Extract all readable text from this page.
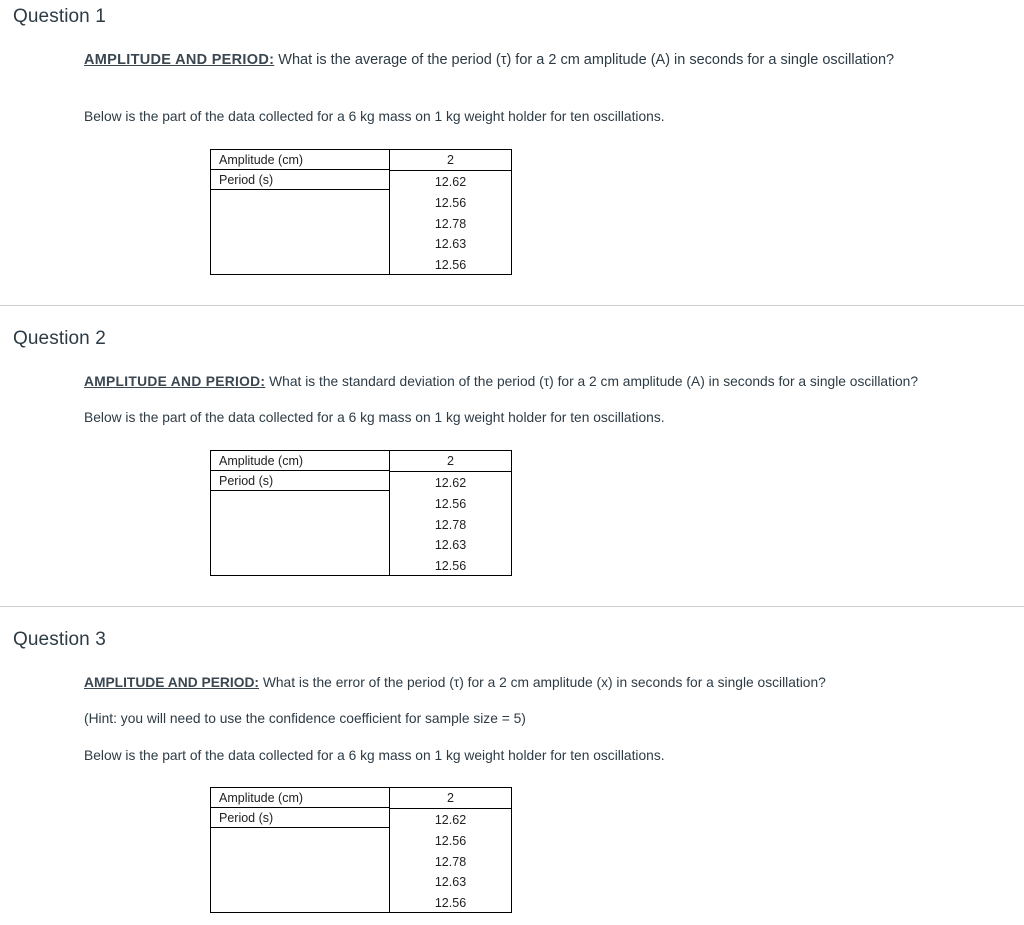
Question 1

AMPLITUDE AND PERIOD: What is the average of the period (τ) for a 2 cm amplitude (A) in seconds for a single oscillation?

Below is the part of the data collected for a 6 kg mass on 1 kg weight holder for ten oscillations.

Amplitude (cm)
Period (s)
2
12.62
12.56
12.78
12.63
12.56
Question 2

AMPLITUDE AND PERIOD: What is the standard deviation of the period (τ) for a 2 cm amplitude (A) in seconds for a single oscillation?

Below is the part of the data collected for a 6 kg mass on 1 kg weight holder for ten oscillations.

Amplitude (cm)
Period (s)
2
12.62
12.56
12.78
12.63
12.56
Question 3

AMPLITUDE AND PERIOD: What is the error of the period (τ) for a 2 cm amplitude (x) in seconds for a single oscillation?

(Hint: you will need to use the confidence coefficient for sample size = 5)

Below is the part of the data collected for a 6 kg mass on 1 kg weight holder for ten oscillations.

Amplitude (cm)
Period (s)
2
12.62
12.56
12.78
12.63
12.56
